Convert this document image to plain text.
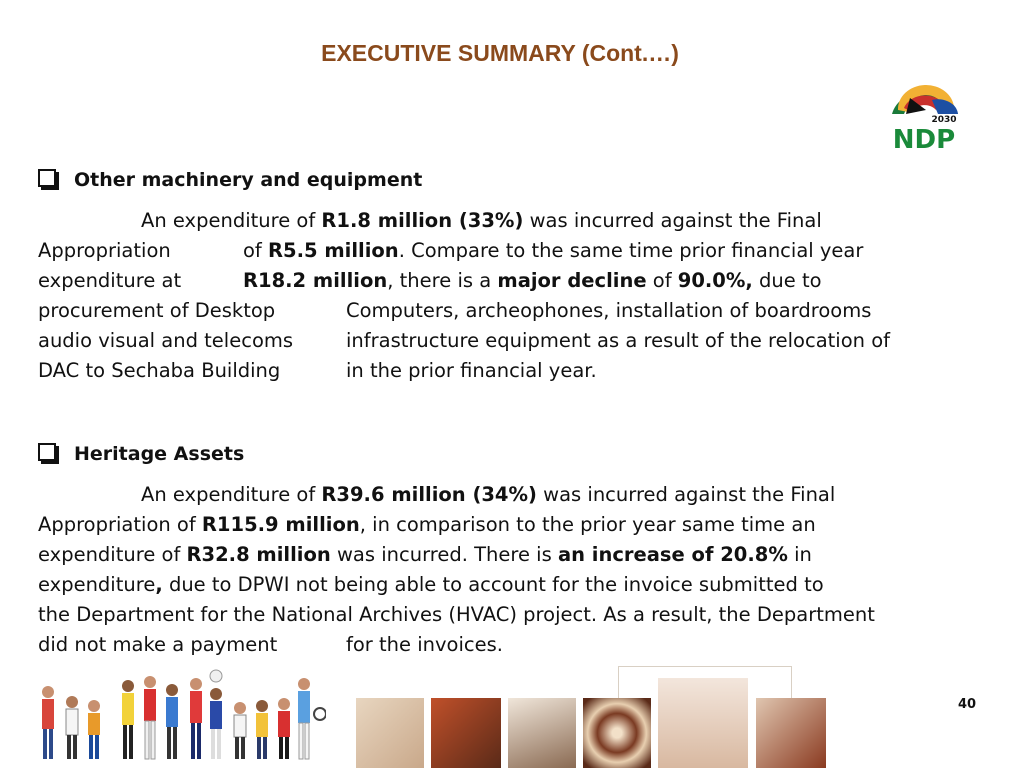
EXECUTIVE SUMMARY (Cont.…)
2030
NDP
Other machinery and equipment
An expenditure of R1.8 million (33%) was incurred against the Final
Appropriation	of R5.5 million. Compare to the same time prior financial year
expenditure at	R18.2 million, there is a major decline of 90.0%, due to
procurement of Desktop	Computers, archeophones, installation of boardrooms
audio visual and telecoms	infrastructure equipment as a result of the relocation of
DAC to Sechaba Building	in the prior financial year.
Heritage Assets
An expenditure of R39.6 million (34%) was incurred against the Final
Appropriation of R115.9 million, in comparison to the prior year same time an
expenditure of R32.8 million was incurred. There is an increase of 20.8% in
expenditure, due to DPWI not being able to account for the invoice submitted to
the Department for the National Archives (HVAC) project. As a result, the Department
did not make a payment	for the invoices.
40
